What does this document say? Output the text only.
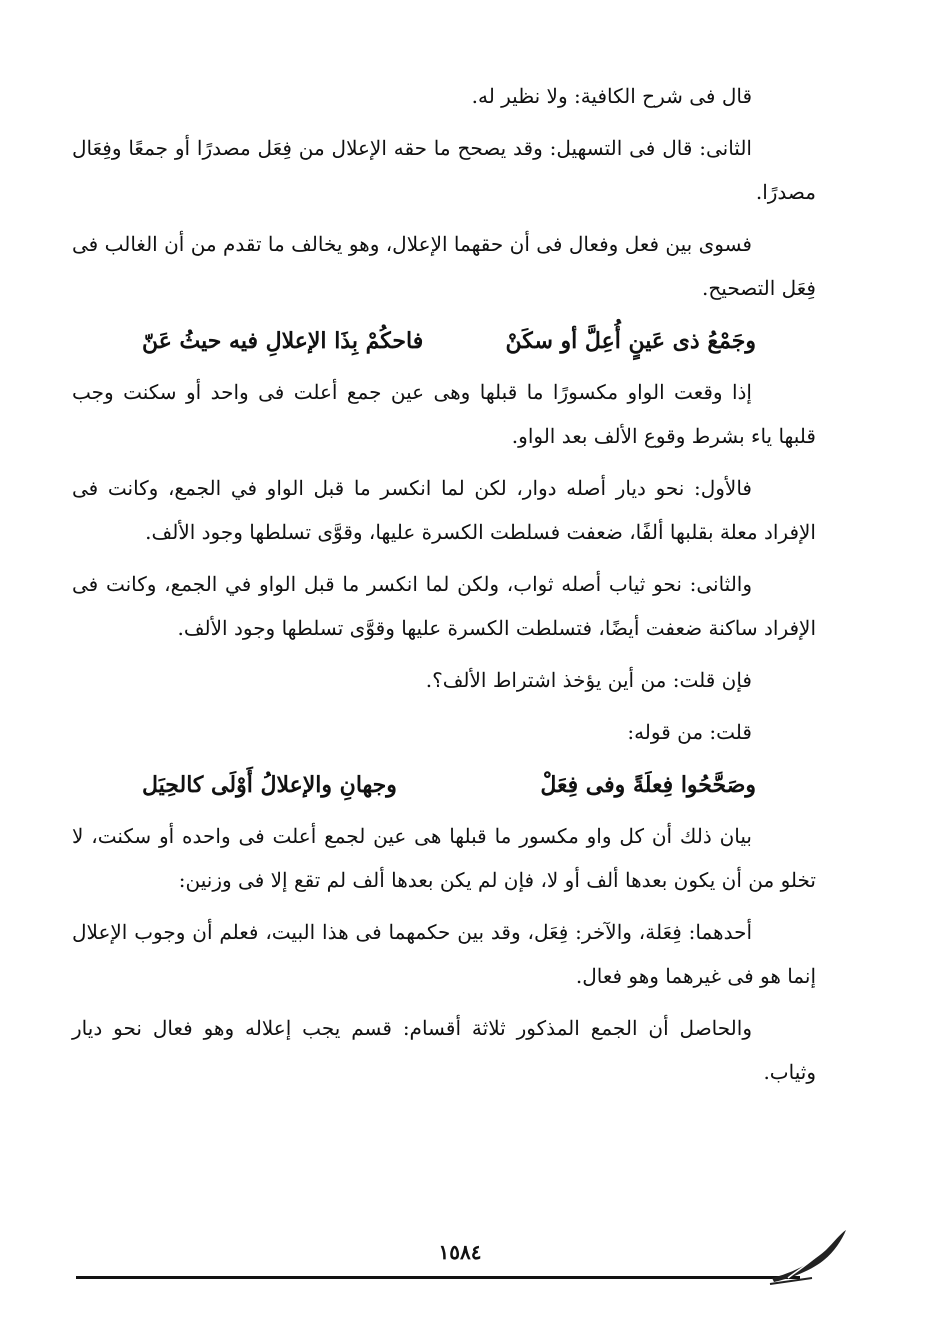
قال فى شرح الكافية: ولا نظير له.

الثانى: قال فى التسهيل: وقد يصحح ما حقه الإعلال من فِعَل مصدرًا أو جمعًا وفِعَال مصدرًا.

فسوى بين فعل وفعال فى أن حقهما الإعلال، وهو يخالف ما تقدم من أن الغالب فى فِعَل التصحيح.

وجَمْعُ ذى عَينٍ أُعِلَّ أو سكَنْ
فاحكُمْ بِذَا الإعلالِ فيه حيثُ عَنّ

إذا وقعت الواو مكسورًا ما قبلها وهى عين جمع أعلت فى واحد أو سكنت وجب قلبها ياء بشرط وقوع الألف بعد الواو.

فالأول: نحو ديار أصله دوار، لكن لما انكسر ما قبل الواو في الجمع، وكانت فى الإفراد معلة بقلبها ألفًا، ضعفت فسلطت الكسرة عليها، وقوَّى تسلطها وجود الألف.

والثانى: نحو ثياب أصله ثواب، ولكن لما انكسر ما قبل الواو في الجمع، وكانت فى الإفراد ساكنة ضعفت أيضًا، فتسلطت الكسرة عليها وقوَّى تسلطها وجود الألف.

فإن قلت: من أين يؤخذ اشتراط الألف؟.

قلت: من قوله:

وصَحَّحُوا فِعلَةً وفى فِعَلْ
وجهانِ والإعلالُ أَوْلَى كالحِيَل

بيان ذلك أن كل واو مكسور ما قبلها هى عين لجمع أعلت فى واحده أو سكنت، لا تخلو من أن يكون بعدها ألف أو لا، فإن لم يكن بعدها ألف لم تقع إلا فى وزنين:

أحدهما: فِعَلة، والآخر: فِعَل، وقد بين حكمهما فى هذا البيت، فعلم أن وجوب الإعلال إنما هو فى غيرهما وهو فعال.

والحاصل أن الجمع المذكور ثلاثة أقسام: قسم يجب إعلاله وهو فعال نحو ديار وثياب.

١٥٨٤
